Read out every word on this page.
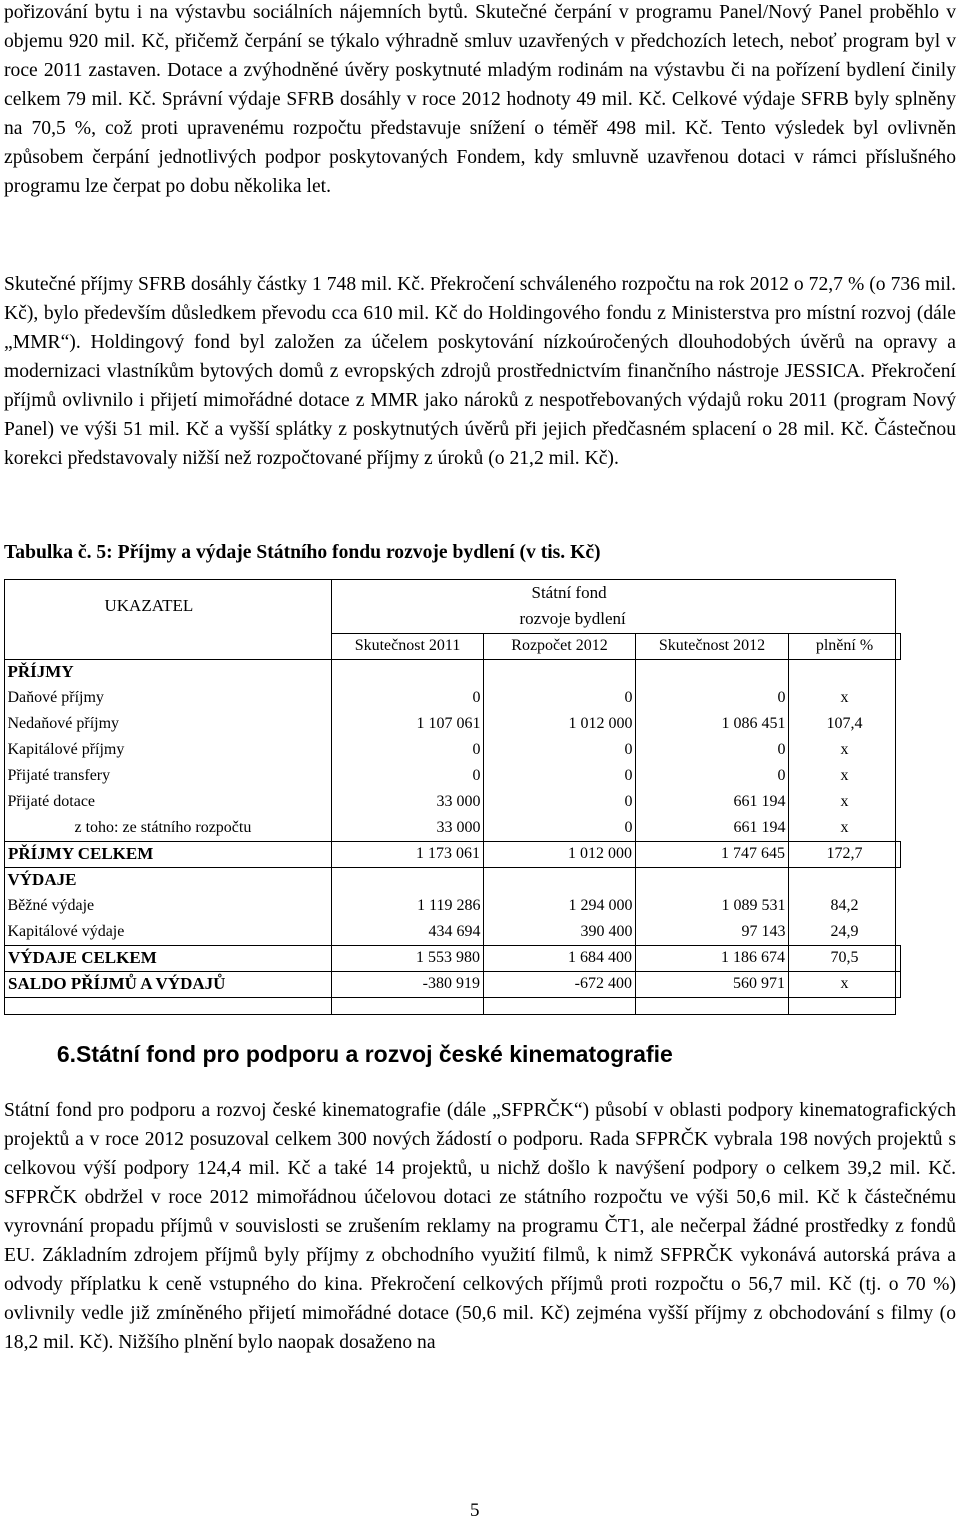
pořizování bytu i na výstavbu sociálních nájemních bytů. Skutečné čerpání v programu Panel/Nový Panel proběhlo v objemu 920 mil. Kč, přičemž čerpání se týkalo výhradně smluv uzavřených v předchozích letech, neboť program byl v roce 2011 zastaven. Dotace a zvýhodněné úvěry poskytnuté mladým rodinám na výstavbu či na pořízení bydlení činily celkem 79 mil. Kč. Správní výdaje SFRB dosáhly v roce 2012 hodnoty 49 mil. Kč. Celkové výdaje SFRB byly splněny na 70,5 %, což proti upravenému rozpočtu představuje snížení o téměř 498 mil. Kč. Tento výsledek byl ovlivněn způsobem čerpání jednotlivých podpor poskytovaných Fondem, kdy smluvně uzavřenou dotaci v rámci příslušného programu lze čerpat po dobu několika let.

Skutečné příjmy SFRB dosáhly částky 1 748 mil. Kč. Překročení schváleného rozpočtu na rok 2012 o 72,7 % (o 736 mil. Kč), bylo především důsledkem převodu cca 610 mil. Kč do Holdingového fondu z Ministerstva pro místní rozvoj (dále „MMR“). Holdingový fond byl založen za účelem poskytování nízkoúročených dlouhodobých úvěrů na opravy a modernizaci vlastníkům bytových domů z evropských zdrojů prostřednictvím finančního nástroje JESSICA. Překročení příjmů ovlivnilo i přijetí mimořádné dotace z MMR jako nároků z nespotřebovaných výdajů roku 2011 (program Nový Panel) ve výši 51 mil. Kč a vyšší splátky z poskytnutých úvěrů při jejich předčasném splacení o 28 mil. Kč. Částečnou korekci představovaly nižší než rozpočtované příjmy z úroků (o 21,2 mil. Kč).

Tabulka č. 5: Příjmy a výdaje Státního fondu rozvoje bydlení (v tis. Kč)

UKAZATEL			Státní fond	

			rozvoje bydlení	

	Skutečnost 2011	Rozpočet 2012	Skutečnost 2012	plnění %
PŘÍJMY				
Daňové příjmy	0	0	0	x
Nedaňové příjmy	1 107 061	1 012 000	1 086 451	107,4
Kapitálové příjmy	0	0	0	x
Přijaté transfery	0	0	0	x
Přijaté dotace	33 000	0	661 194	x
z toho: ze státního rozpočtu	33 000	0	661 194	x
PŘÍJMY CELKEM	1 173 061	1 012 000	1 747 645	172,7
VÝDAJE				
Běžné výdaje	1 119 286	1 294 000	1 089 531	84,2
Kapitálové výdaje	434 694	390 400	97 143	24,9
VÝDAJE CELKEM	1 553 980	1 684 400	1 186 674	70,5
SALDO PŘÍJMŮ A VÝDAJŮ	-380 919	-672 400	560 971	x
6.Státní fond pro podporu a rozvoj české kinematografie

Státní fond pro podporu a rozvoj české kinematografie (dále „SFPRČK“) působí v oblasti podpory kinematografických projektů a v roce 2012 posuzoval celkem 300 nových žádostí o podporu. Rada SFPRČK vybrala 198 nových projektů s celkovou výší podpory 124,4 mil. Kč a také 14 projektů, u nichž došlo k navýšení podpory o celkem 39,2 mil. Kč. SFPRČK obdržel v roce 2012 mimořádnou účelovou dotaci ze státního rozpočtu ve výši 50,6 mil. Kč k částečnému vyrovnání propadu příjmů v souvislosti se zrušením reklamy na programu ČT1, ale nečerpal žádné prostředky z fondů EU. Základním zdrojem příjmů byly příjmy z obchodního využití filmů, k nimž SFPRČK vykonává autorská práva a odvody příplatku k ceně vstupného do kina. Překročení celkových příjmů proti rozpočtu o 56,7 mil. Kč (tj. o 70 %) ovlivnily vedle již zmíněného přijetí mimořádné dotace (50,6 mil. Kč) zejména vyšší příjmy z obchodování s filmy (o 18,2 mil. Kč). Nižšího plnění bylo naopak dosaženo na

5
